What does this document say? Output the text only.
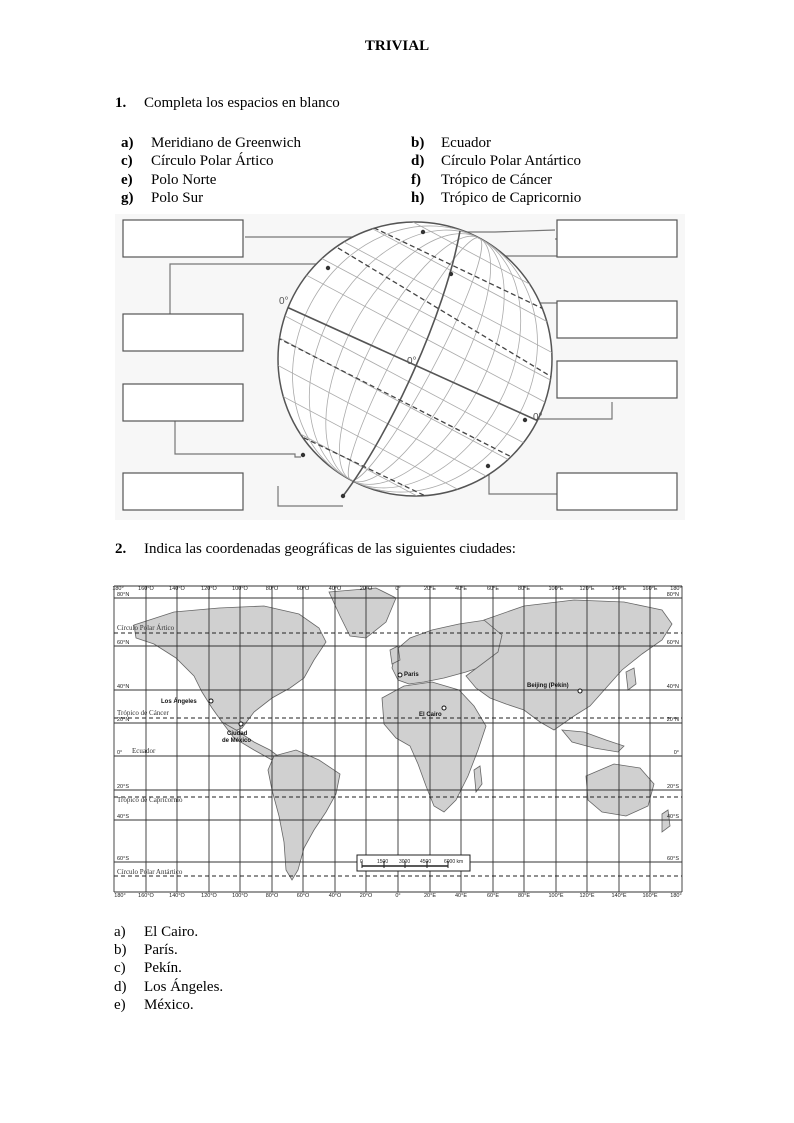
TRIVIAL
1. Completa los espacios en blanco
a) Meridiano de Greenwich	b) Ecuador
c) Círculo Polar Ártico	d) Círculo Polar Antártico
e) Polo Norte	f) Trópico de Cáncer
g) Polo Sur	h) Trópico de Capricornio
0°
0°
0°
2. Indica las coordenadas geográficas de las siguientes ciudades:
180°	160°O	140°O	120°O	100°O	80°O	60°O	40°O	20°O	0°	20°E	40°E	60°E	80°E	100°E	120°E	140°E	160°E 180°
180° 160°O	140°O	120°O	100°O	80°O	60°O	40°O	20°O	0°	20°E	40°E	60°E	80°E	100°E	120°E	140°E	160°E 180°
80°N
60°N
40°N
20°N
0°
20°S
40°S
60°S
80°N
60°N
40°N
20°N
0°
20°S
40°S
60°S
Círculo Polar Ártico
Trópico de Cáncer
Ecuador
Trópico de Capricornio
Círculo Polar Antártico
Paris
Beijing (Pekín)
El Cairo
Los Ángeles
Ciudad
de México
0	1500 3000 4500	6000 km
a) El Cairo.
b) París.
c) Pekín.
d) Los Ángeles.
e) México.
